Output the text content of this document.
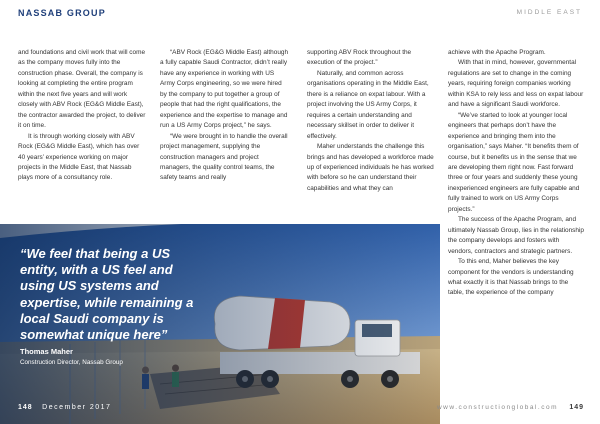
NASSAB GROUP	MIDDLE EAST

and foundations and civil work that will come as the company moves fully into the construction phase. Overall, the company is looking at completing the entire program within the next five years and will work closely with ABV Rock (EG&G Middle East), the contractor awarded the project, to deliver it on time.

It is through working closely with ABV Rock (EG&G Middle East), which has over 40 years’ experience working on major projects in the Middle East, that Nassab plays more of a consultancy role.

“ABV Rock (EG&G Middle East) although a fully capable Saudi Contractor, didn’t really have any experience in working with US Army Corps engineering, so we were hired by the company to put together a group of people that had the right qualifications, the experience and the expertise to manage and run a US Army Corps project,” he says.

“We were brought in to handle the overall project management, supplying the construction managers and project managers, the quality control teams, the safety teams and really

supporting ABV Rock throughout the execution of the project.”

Naturally, and common across organisations operating in the Middle East, there is a reliance on expat labour. With a project involving the US Army Corps, it requires a certain understanding and necessary skillset in order to deliver it effectively.

Maher understands the challenge this brings and has developed a workforce made up of experienced individuals he has worked with before so he can understand their capabilities and what they can

achieve with the Apache Program.

With that in mind, however, governmental regulations are set to change in the coming years, requiring foreign companies working within KSA to rely less and less on expat labour and have a significant Saudi workforce.

“We’ve started to look at younger local engineers that perhaps don’t have the experience and bringing them into the organisation,” says Maher. “It benefits them of course, but it benefits us in the sense that we are developing them right now. Fast forward three or four years and suddenly these young inexperienced engineers are fully capable and fully trained to work on US Army Corps projects.”

The success of the Apache Program, and ultimately Nassab Group, lies in the relationship the company develops and fosters with vendors, contractors and strategic partners.

To this end, Maher believes the key component for the vendors is understanding what exactly it is that Nassab brings to the table, the experience of the company

“We feel that being a US entity, with a US feel and using US systems and expertise, while remaining a local Saudi company is somewhat unique here”
Thomas Maher
Construction Director, Nassab Group
148 December 2017	www.constructionglobal.com 149
